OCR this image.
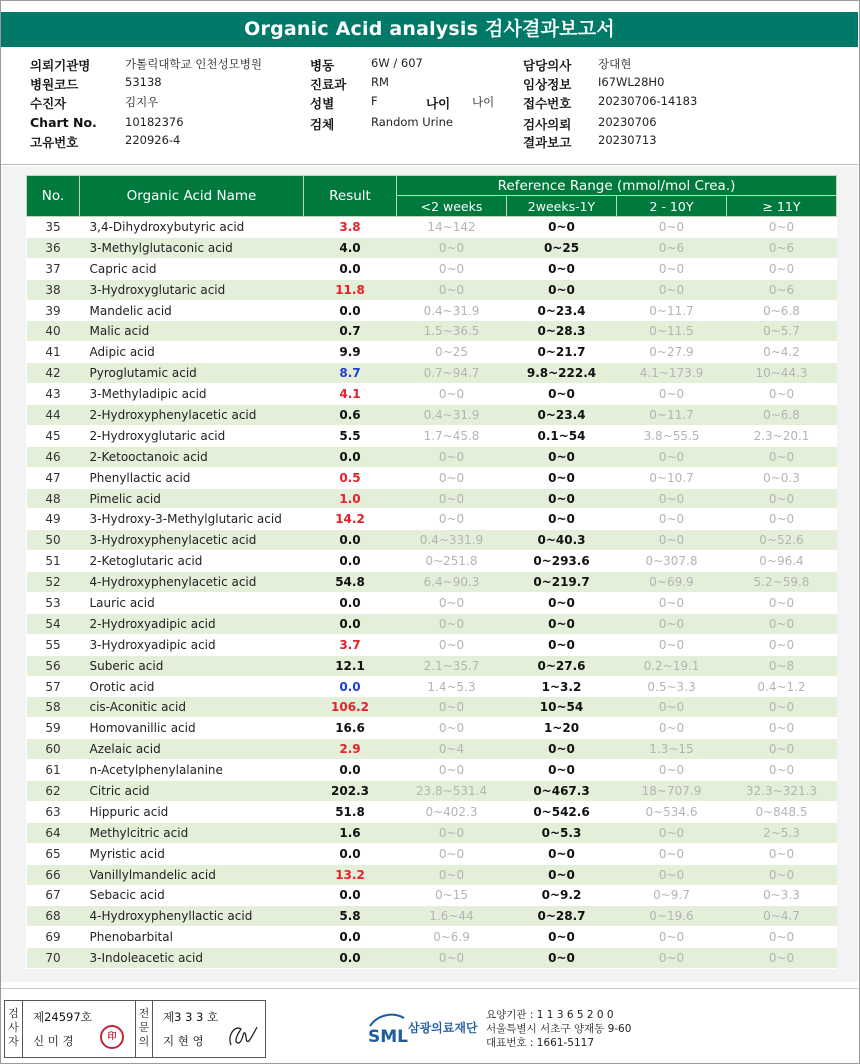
Organic Acid analysis 검사결과보고서
의뢰기관명	가톨릭대학교 인천성모병원	병동	6W / 607	담당의사 장대현
병원코드	53138	진료과 RM	임상정보 I67WL28H0
수진자	김지우	성별	F	나이 나이 접수번호 20230706-14183
Chart No. 10182376	검체	Random Urine	검사의뢰 20230706
고유번호	220926-4	결과보고 20230713
No.	Organic Acid Name	Result	Reference Range (mmol/mol Crea.)			
			<2 weeks	2weeks-1Y	2 - 10Y	≥ 11Y
35	3,4-Dihydroxybutyric acid	3.8	14~142	0~0	0~0	0~0
36	3-Methylglutaconic acid	4.0	0~0	0~25	0~6	0~6
37	Capric acid	0.0	0~0	0~0	0~0	0~0
38	3-Hydroxyglutaric acid	11.8	0~0	0~0	0~0	0~6
39	Mandelic acid	0.0	0.4~31.9	0~23.4	0~11.7	0~6.8
40	Malic acid	0.7	1.5~36.5	0~28.3	0~11.5	0~5.7
41	Adipic acid	9.9	0~25	0~21.7	0~27.9	0~4.2
42	Pyroglutamic acid	8.7	0.7~94.7	9.8~222.4	4.1~173.9	10~44.3
43	3-Methyladipic acid	4.1	0~0	0~0	0~0	0~0
44	2-Hydroxyphenylacetic acid	0.6	0.4~31.9	0~23.4	0~11.7	0~6.8
45	2-Hydroxyglutaric acid	5.5	1.7~45.8	0.1~54	3.8~55.5	2.3~20.1
46	2-Ketooctanoic acid	0.0	0~0	0~0	0~0	0~0
47	Phenyllactic acid	0.5	0~0	0~0	0~10.7	0~0.3
48	Pimelic acid	1.0	0~0	0~0	0~0	0~0
49	3-Hydroxy-3-Methylglutaric acid	14.2	0~0	0~0	0~0	0~0
50	3-Hydroxyphenylacetic acid	0.0	0.4~331.9	0~40.3	0~0	0~52.6
51	2-Ketoglutaric acid	0.0	0~251.8	0~293.6	0~307.8	0~96.4
52	4-Hydroxyphenylacetic acid	54.8	6.4~90.3	0~219.7	0~69.9	5.2~59.8
53	Lauric acid	0.0	0~0	0~0	0~0	0~0
54	2-Hydroxyadipic acid	0.0	0~0	0~0	0~0	0~0
55	3-Hydroxyadipic acid	3.7	0~0	0~0	0~0	0~0
56	Suberic acid	12.1	2.1~35.7	0~27.6	0.2~19.1	0~8
57	Orotic acid	0.0	1.4~5.3	1~3.2	0.5~3.3	0.4~1.2
58	cis-Aconitic acid	106.2	0~0	10~54	0~0	0~0
59	Homovanillic acid	16.6	0~0	1~20	0~0	0~0
60	Azelaic acid	2.9	0~4	0~0	1.3~15	0~0
61	n-Acetylphenylalanine	0.0	0~0	0~0	0~0	0~0
62	Citric acid	202.3	23.8~531.4	0~467.3	18~707.9	32.3~321.3
63	Hippuric acid	51.8	0~402.3	0~542.6	0~534.6	0~848.5
64	Methylcitric acid	1.6	0~0	0~5.3	0~0	2~5.3
65	Myristic acid	0.0	0~0	0~0	0~0	0~0
66	Vanillylmandelic acid	13.2	0~0	0~0	0~0	0~0
67	Sebacic acid	0.0	0~15	0~9.2	0~9.7	0~3.3
68	4-Hydroxyphenyllactic acid	5.8	1.6~44	0~28.7	0~19.6	0~4.7
69	Phenobarbital	0.0	0~6.9	0~0	0~0	0~0
70	3-Indoleacetic acid	0.0	0~0	0~0	0~0	0~0
검
사
자
제24597호
신 미 경	印
전
문
의
제3 3 3 호
지 현 영	SML 삼광의료재단
요양기관 : 1 1 3 6 5 2 0 0
서울특별시 서초구 양재동 9-60
대표번호 : 1661-5117
